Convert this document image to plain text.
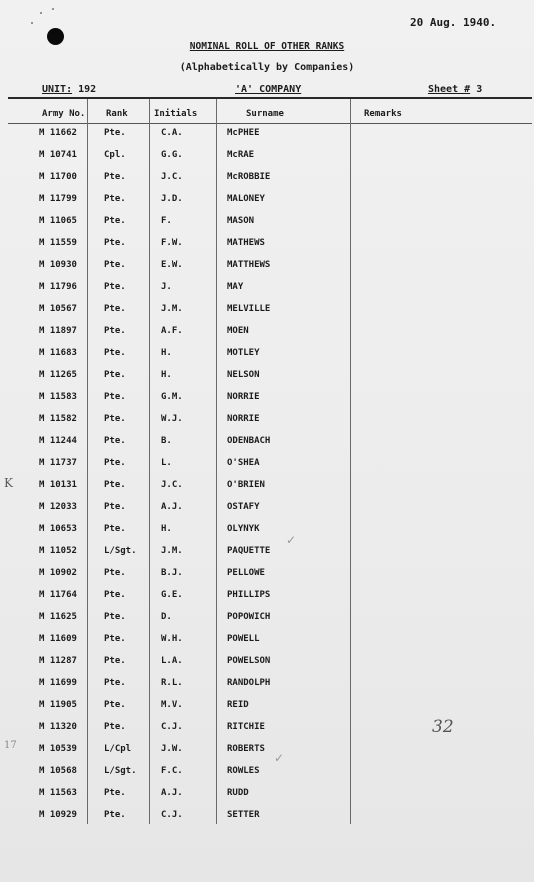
20 Aug. 1940.
NOMINAL ROLL OF OTHER RANKS
(Alphabetically by Companies)
UNIT: 192	'A' COMPANY	Sheet # 3
Army No. Rank	Initials	Surname	Remarks
M 11662	Pte.	C.A.	McPHEE
M 10741	Cpl.	G.G.	McRAE
M 11700	Pte.	J.C.	McROBBIE
M 11799	Pte.	J.D.	MALONEY
M 11065	Pte.	F.	MASON
M 11559	Pte.	F.W.	MATHEWS
M 10930	Pte.	E.W.	MATTHEWS
M 11796	Pte.	J.	MAY
M 10567	Pte.	J.M.	MELVILLE
M 11897	Pte.	A.F.	MOEN
M 11683	Pte.	H.	MOTLEY
M 11265	Pte.	H.	NELSON
M 11583	Pte.	G.M.	NORRIE
M 11582	Pte.	W.J.	NORRIE
M 11244	Pte.	B.	ODENBACH
M 11737	Pte.	L.	O'SHEA
M 10131	Pte.	J.C.	O'BRIEN
M 12033	Pte.	A.J.	OSTAFY
M 10653	Pte.	H.	OLYNYK
M 11052	L/Sgt.	J.M.	PAQUETTE
M 10902	Pte.	B.J.	PELLOWE
M 11764	Pte.	G.E.	PHILLIPS
M 11625	Pte.	D.	POPOWICH
M 11609	Pte.	W.H.	POWELL
M 11287	Pte.	L.A.	POWELSON
M 11699	Pte.	R.L.	RANDOLPH
M 11905	Pte.	M.V.	REID
M 11320	Pte.	C.J.	RITCHIE
M 10539	L/Cpl	J.W.	ROBERTS
M 10568	L/Sgt.	F.C.	ROWLES
M 11563	Pte.	A.J.	RUDD
M 10929	Pte.	C.J.	SETTER
K
17
32
✓
✓
